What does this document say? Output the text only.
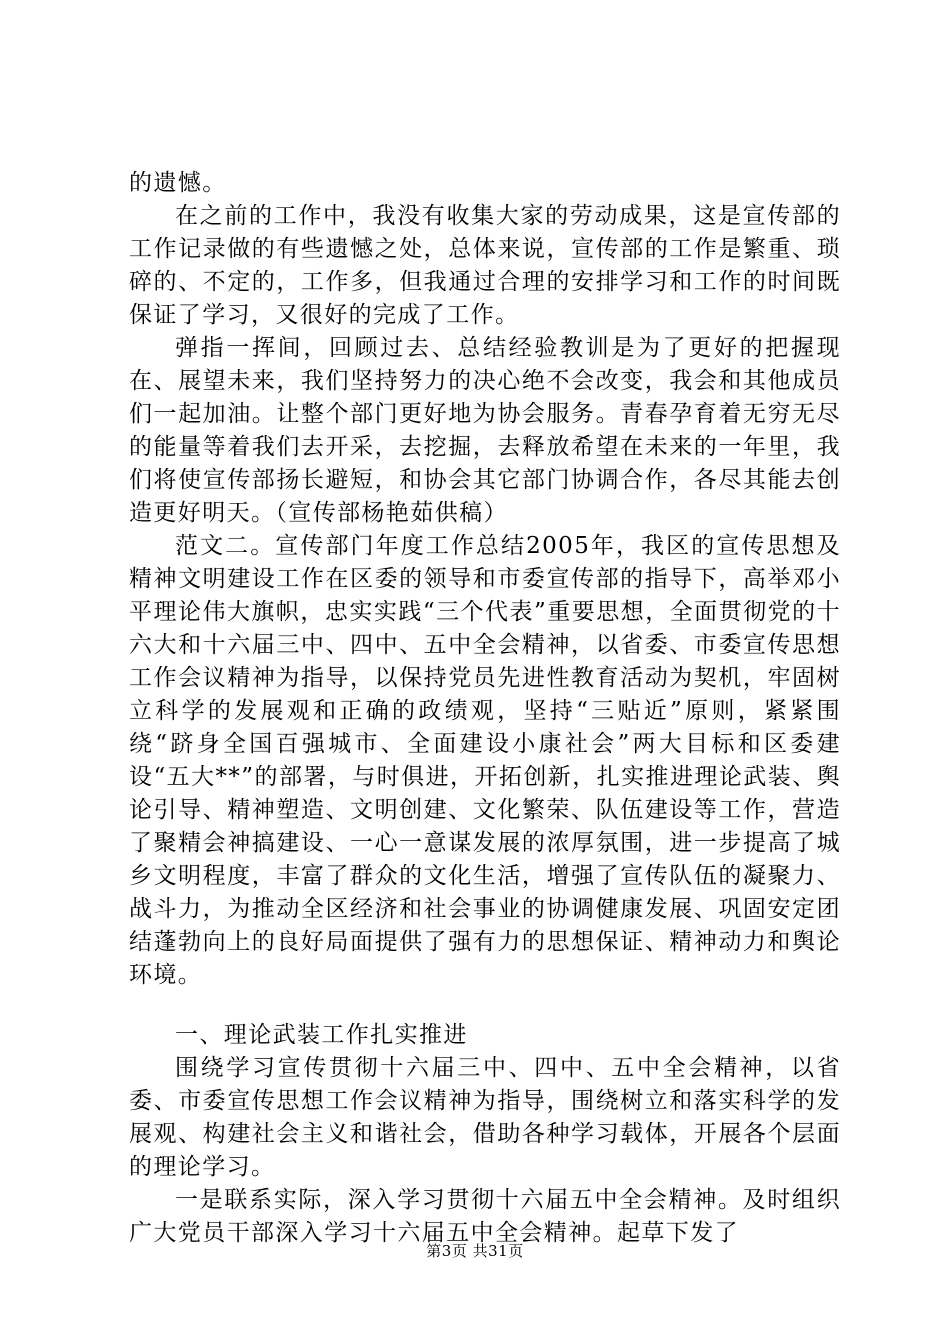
的遗憾。

在之前的工作中，我没有收集大家的劳动成果，这是宣传部的工作记录做的有些遗憾之处，总体来说，宣传部的工作是繁重、琐碎的、不定的，工作多，但我通过合理的安排学习和工作的时间既保证了学习，又很好的完成了工作。

弹指一挥间，回顾过去、总结经验教训是为了更好的把握现在、展望未来，我们坚持努力的决心绝不会改变，我会和其他成员们一起加油。让整个部门更好地为协会服务。青春孕育着无穷无尽的能量等着我们去开采，去挖掘，去释放希望在未来的一年里，我们将使宣传部扬长避短，和协会其它部门协调合作，各尽其能去创造更好明天。（宣传部杨艳茹供稿）

范文二。宣传部门年度工作总结2005年，我区的宣传思想及精神文明建设工作在区委的领导和市委宣传部的指导下，高举邓小平理论伟大旗帜，忠实实践“三个代表”重要思想，全面贯彻党的十六大和十六届三中、四中、五中全会精神，以省委、市委宣传思想工作会议精神为指导，以保持党员先进性教育活动为契机，牢固树立科学的发展观和正确的政绩观，坚持“三贴近”原则，紧紧围绕“跻身全国百强城市、全面建设小康社会”两大目标和区委建设“五大**”的部署，与时俱进，开拓创新，扎实推进理论武装、舆论引导、精神塑造、文明创建、文化繁荣、队伍建设等工作，营造了聚精会神搞建设、一心一意谋发展的浓厚氛围，进一步提高了城乡文明程度，丰富了群众的文化生活，增强了宣传队伍的凝聚力、战斗力，为推动全区经济和社会事业的协调健康发展、巩固安定团结蓬勃向上的良好局面提供了强有力的思想保证、精神动力和舆论环境。

一、理论武装工作扎实推进

围绕学习宣传贯彻十六届三中、四中、五中全会精神，以省委、市委宣传思想工作会议精神为指导，围绕树立和落实科学的发展观、构建社会主义和谐社会，借助各种学习载体，开展各个层面的理论学习。

一是联系实际，深入学习贯彻十六届五中全会精神。及时组织广大党员干部深入学习十六届五中全会精神。起草下发了

第3页 共31页
